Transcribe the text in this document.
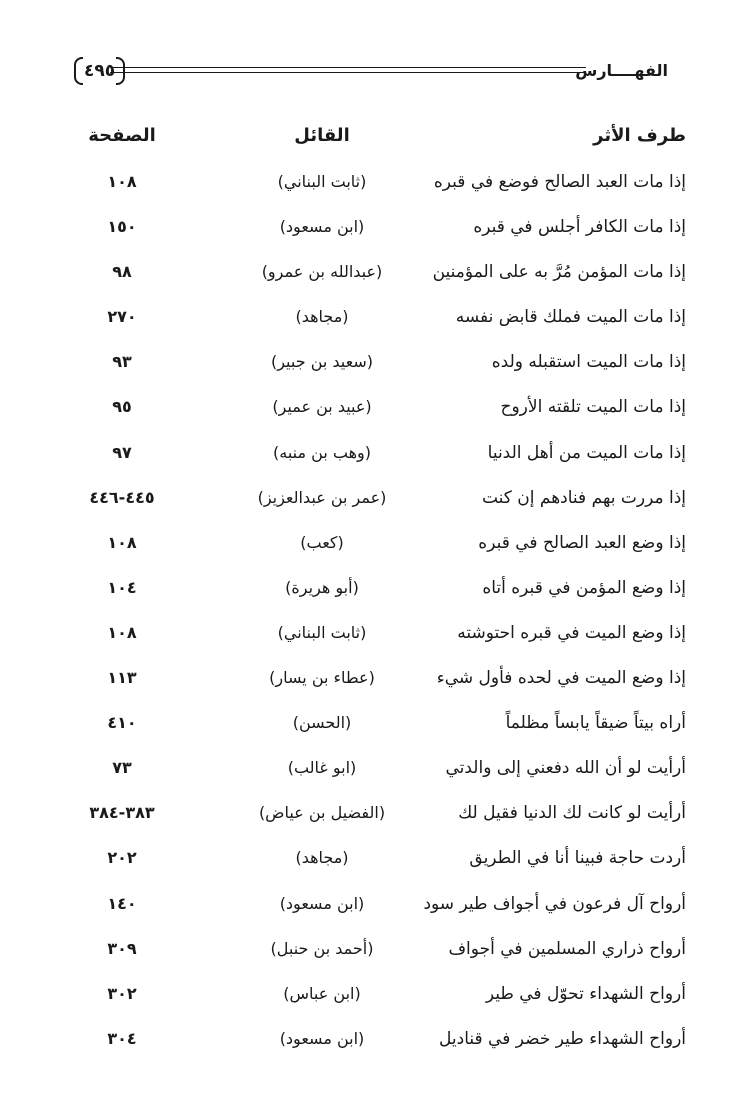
٤٩٥	الفهــــارس
طرف الأثر
القائل
الصفحة
إذا مات العبد الصالح فوضع في قبره
(ثابت البناني)
١٠٨
إذا مات الكافر أجلس في قبره
(ابن مسعود)
١٥٠
إذا مات المؤمن مُرَّ به على المؤمنين
(عبدالله بن عمرو)
٩٨
إذا مات الميت فملك قابض نفسه
(مجاهد)
٢٧٠
إذا مات الميت استقبله ولده
(سعيد بن جبير)
٩٣
إذا مات الميت تلقته الأروح
(عبيد بن عمير)
٩٥
إذا مات الميت من أهل الدنيا
(وهب بن منبه)
٩٧
إذا مررت بهم فنادهم إن كنت
(عمر بن عبدالعزيز)
٤٤٥-٤٤٦
إذا وضع العبد الصالح في قبره
(كعب)
١٠٨
إذا وضع المؤمن في قبره أتاه
(أبو هريرة)
١٠٤
إذا وضع الميت في قبره احتوشته
(ثابت البناني)
١٠٨
إذا وضع الميت في لحده فأول شيء
(عطاء بن يسار)
١١٣
أراه بيتاً ضيقاً يابساً مظلماً
(الحسن)
٤١٠
أرأيت لو أن الله دفعني إلى والدتي
(ابو غالب)
٧٣
أرأيت لو كانت لك الدنيا فقيل لك
(الفضيل بن عياض)
٣٨٣-٣٨٤
أردت حاجة فبينا أنا في الطريق
(مجاهد)
٢٠٢
أرواح آل فرعون في أجواف طير سود
(ابن مسعود)
١٤٠
أرواح ذراري المسلمين في أجواف
(أحمد بن حنبل)
٣٠٩
أرواح الشهداء تحوّل في طير
(ابن عباس)
٣٠٢
أرواح الشهداء طير خضر في قناديل
(ابن مسعود)
٣٠٤
